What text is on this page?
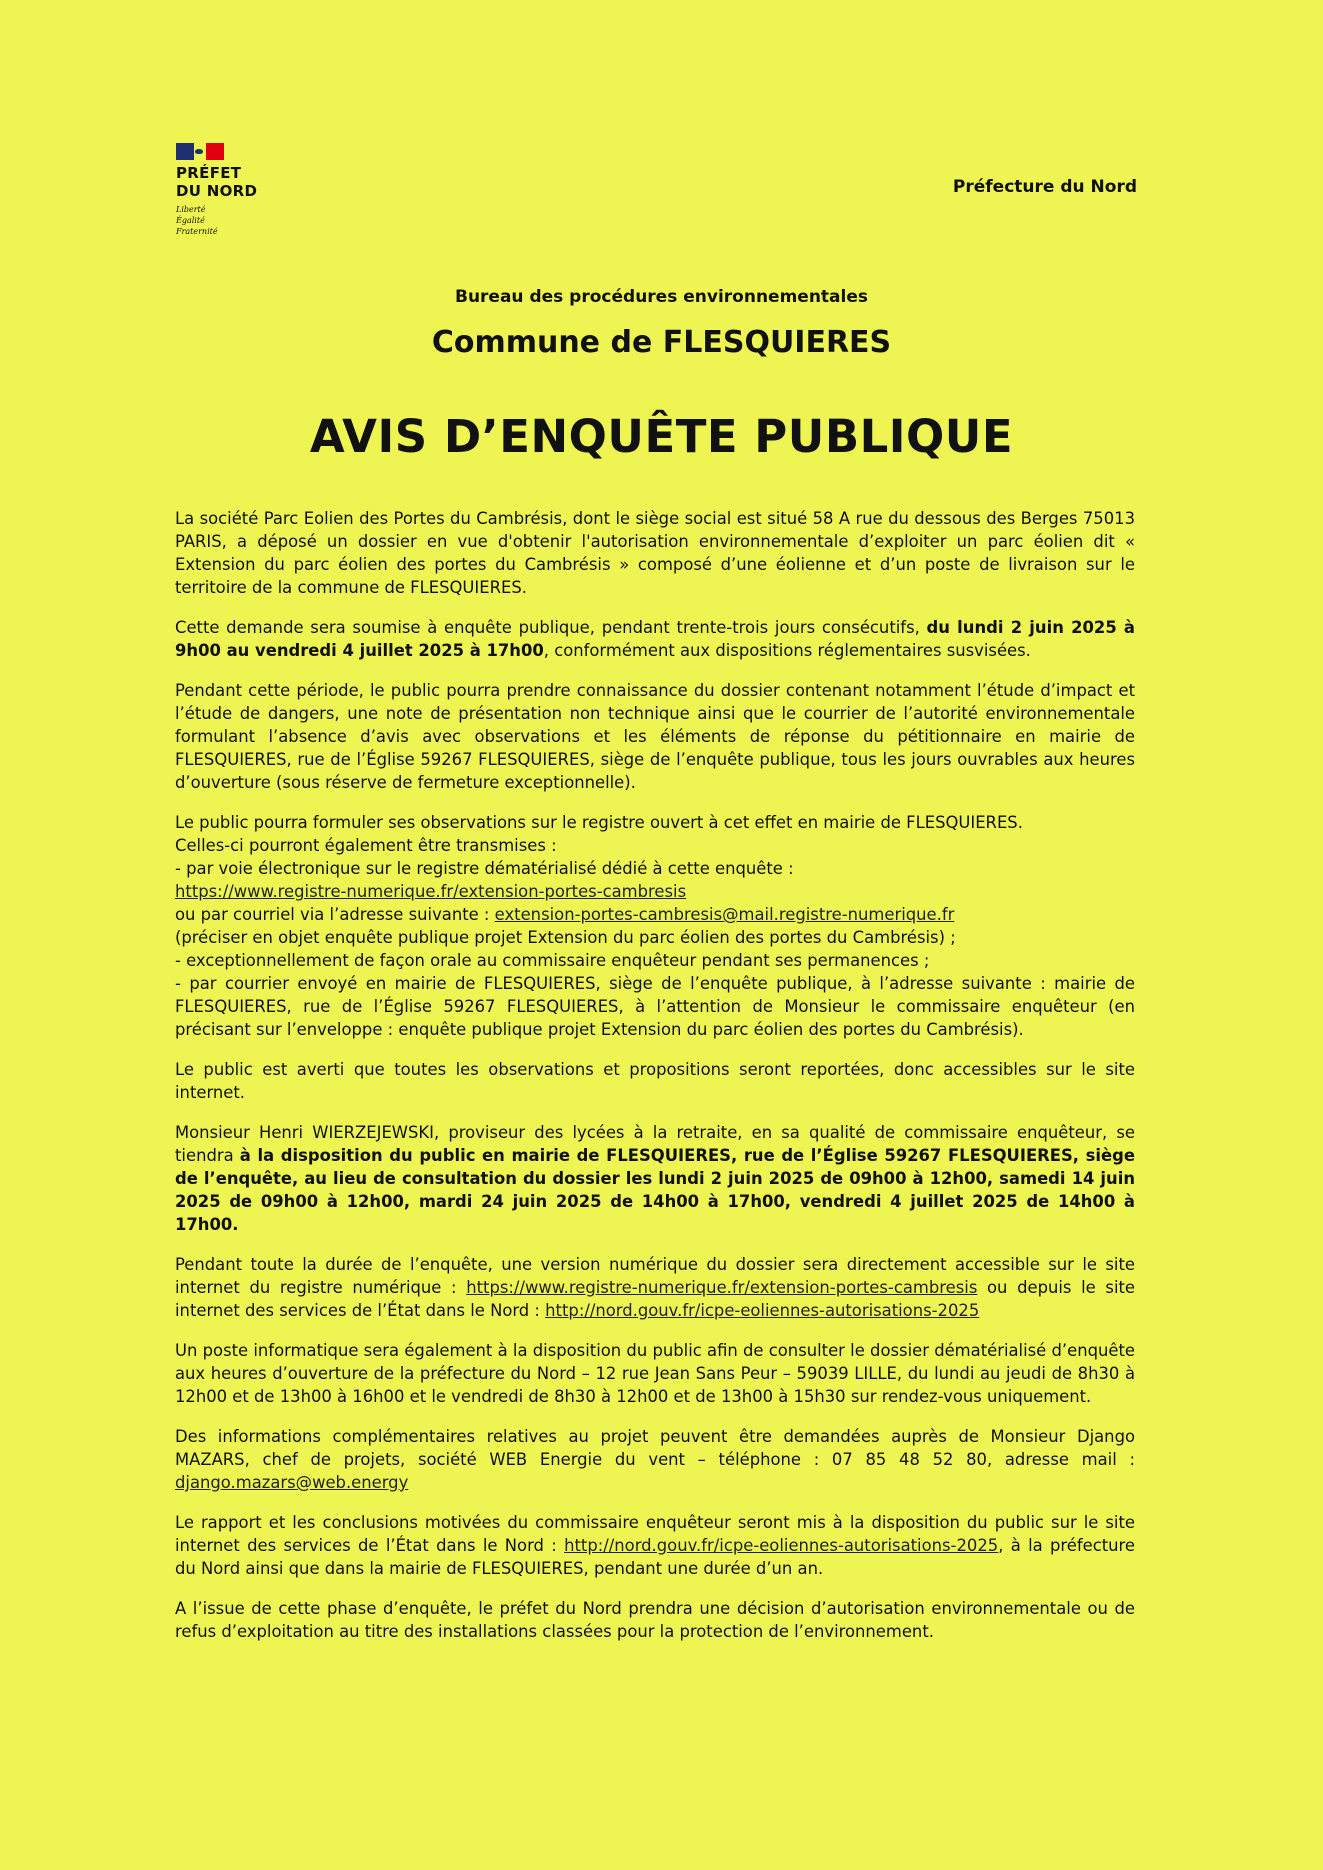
PRÉFET
DU NORD
Liberté
Égalité
Fraternité
Préfecture du Nord
Bureau des procédures environnementales
Commune de FLESQUIERES
AVIS D’ENQUÊTE PUBLIQUE

La société Parc Eolien des Portes du Cambrésis, dont le siège social est situé 58 A rue du dessous des Berges 75013 PARIS, a déposé un dossier en vue d'obtenir l'autorisation environnementale d’exploiter un parc éolien dit « Extension du parc éolien des portes du Cambrésis » composé d’une éolienne et d’un poste de livraison sur le territoire de la commune de FLESQUIERES.

Cette demande sera soumise à enquête publique, pendant trente-trois jours consécutifs, du lundi 2 juin 2025 à 9h00 au vendredi 4 juillet 2025 à 17h00, conformément aux dispositions réglementaires susvisées.

Pendant cette période, le public pourra prendre connaissance du dossier contenant notamment l’étude d’impact et l’étude de dangers, une note de présentation non technique ainsi que le courrier de l’autorité environnementale formulant l’absence d’avis avec observations et les éléments de réponse du pétitionnaire en mairie de FLESQUIERES, rue de l’Église 59267 FLESQUIERES, siège de l’enquête publique, tous les jours ouvrables aux heures d’ouverture (sous réserve de fermeture exceptionnelle).

Le public pourra formuler ses observations sur le registre ouvert à cet effet en mairie de FLESQUIERES.
Celles-ci pourront également être transmises :
- par voie électronique sur le registre dématérialisé dédié à cette enquête :
https://www.registre-numerique.fr/extension-portes-cambresis
ou par courriel via l’adresse suivante : extension-portes-cambresis@mail.registre-numerique.fr
(préciser en objet enquête publique projet Extension du parc éolien des portes du Cambrésis) ;
- exceptionnellement de façon orale au commissaire enquêteur pendant ses permanences ;
- par courrier envoyé en mairie de FLESQUIERES, siège de l’enquête publique, à l’adresse suivante : mairie de FLESQUIERES, rue de l’Église 59267 FLESQUIERES, à l’attention de Monsieur le commissaire enquêteur (en précisant sur l’enveloppe : enquête publique projet Extension du parc éolien des portes du Cambrésis).

Le public est averti que toutes les observations et propositions seront reportées, donc accessibles sur le site internet.

Monsieur Henri WIERZEJEWSKI, proviseur des lycées à la retraite, en sa qualité de commissaire enquêteur, se tiendra à la disposition du public en mairie de FLESQUIERES, rue de l’Église 59267 FLESQUIERES, siège de l’enquête, au lieu de consultation du dossier les lundi 2 juin 2025 de 09h00 à 12h00, samedi 14 juin 2025 de 09h00 à 12h00, mardi 24 juin 2025 de 14h00 à 17h00, vendredi 4 juillet 2025 de 14h00 à 17h00.

Pendant toute la durée de l’enquête, une version numérique du dossier sera directement accessible sur le site internet du registre numérique : https://www.registre-numerique.fr/extension-portes-cambresis ou depuis le site internet des services de l’État dans le Nord : http://nord.gouv.fr/icpe-eoliennes-autorisations-2025

Un poste informatique sera également à la disposition du public afin de consulter le dossier dématérialisé d’enquête aux heures d’ouverture de la préfecture du Nord – 12 rue Jean Sans Peur – 59039 LILLE, du lundi au jeudi de 8h30 à 12h00 et de 13h00 à 16h00 et le vendredi de 8h30 à 12h00 et de 13h00 à 15h30 sur rendez-vous uniquement.

Des informations complémentaires relatives au projet peuvent être demandées auprès de Monsieur Django MAZARS, chef de projets, société WEB Energie du vent – téléphone : 07 85 48 52 80, adresse mail : django.mazars@web.energy

Le rapport et les conclusions motivées du commissaire enquêteur seront mis à la disposition du public sur le site internet des services de l’État dans le Nord : http://nord.gouv.fr/icpe-eoliennes-autorisations-2025, à la préfecture du Nord ainsi que dans la mairie de FLESQUIERES, pendant une durée d’un an.

A l’issue de cette phase d’enquête, le préfet du Nord prendra une décision d’autorisation environnementale ou de refus d’exploitation au titre des installations classées pour la protection de l’environnement.
